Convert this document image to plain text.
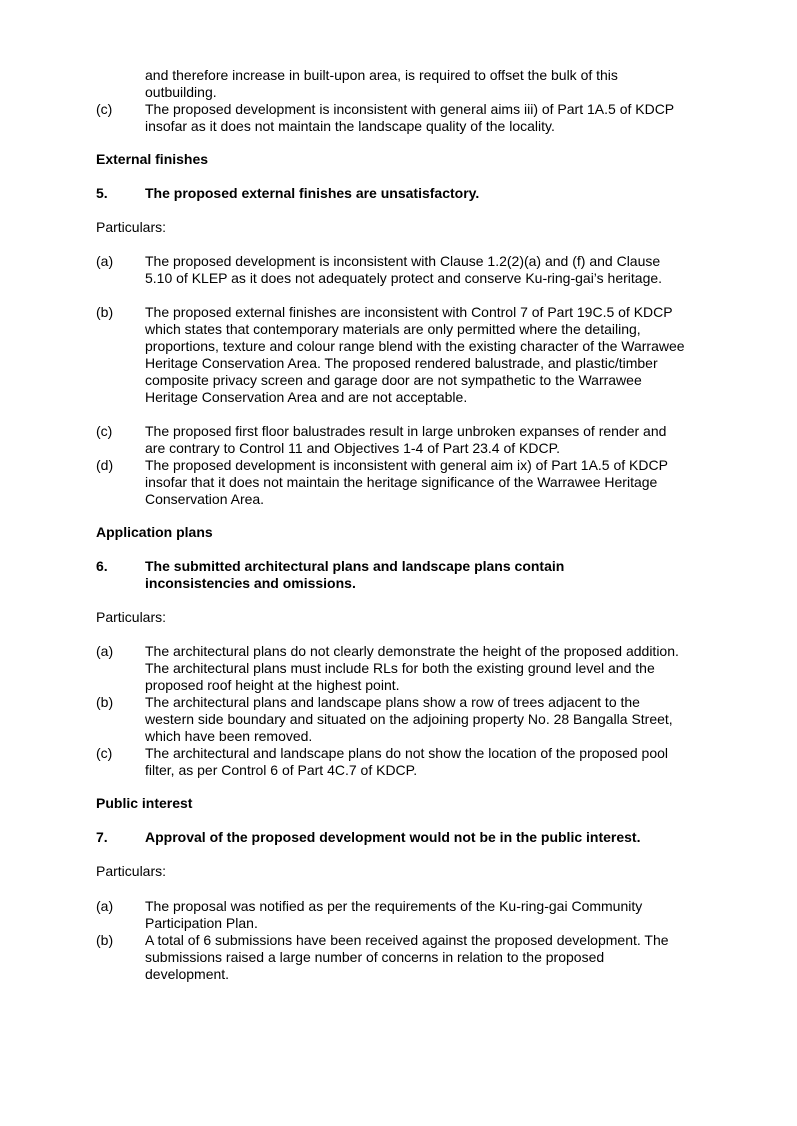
and therefore increase in built-upon area, is required to offset the bulk of this outbuilding.

(c) The proposed development is inconsistent with general aims iii) of Part 1A.5 of KDCP insofar as it does not maintain the landscape quality of the locality.

External finishes
5.	The proposed external finishes are unsatisfactory.

Particulars:

(a) The proposed development is inconsistent with Clause 1.2(2)(a) and (f) and Clause 5.10 of KLEP as it does not adequately protect and conserve Ku-ring-gai’s heritage.

(b) The proposed external finishes are inconsistent with Control 7 of Part 19C.5 of KDCP which states that contemporary materials are only permitted where the detailing, proportions, texture and colour range blend with the existing character of the Warrawee Heritage Conservation Area. The proposed rendered balustrade, and plastic/timber composite privacy screen and garage door are not sympathetic to the Warrawee Heritage Conservation Area and are not acceptable.

(c) The proposed first floor balustrades result in large unbroken expanses of render and are contrary to Control 11 and Objectives 1-4 of Part 23.4 of KDCP.

(d) The proposed development is inconsistent with general aim ix) of Part 1A.5 of KDCP insofar that it does not maintain the heritage significance of the Warrawee Heritage Conservation Area.

Application plans
6.	The submitted architectural plans and landscape plans contain inconsistencies and omissions.

Particulars:

(a) The architectural plans do not clearly demonstrate the height of the proposed addition. The architectural plans must include RLs for both the existing ground level and the proposed roof height at the highest point.

(b) The architectural plans and landscape plans show a row of trees adjacent to the western side boundary and situated on the adjoining property No. 28 Bangalla Street, which have been removed.

(c) The architectural and landscape plans do not show the location of the proposed pool filter, as per Control 6 of Part 4C.7 of KDCP.

Public interest
7.	Approval of the proposed development would not be in the public interest.

Particulars:

(a) The proposal was notified as per the requirements of the Ku-ring-gai Community Participation Plan.

(b) A total of 6 submissions have been received against the proposed development. The submissions raised a large number of concerns in relation to the proposed development.
